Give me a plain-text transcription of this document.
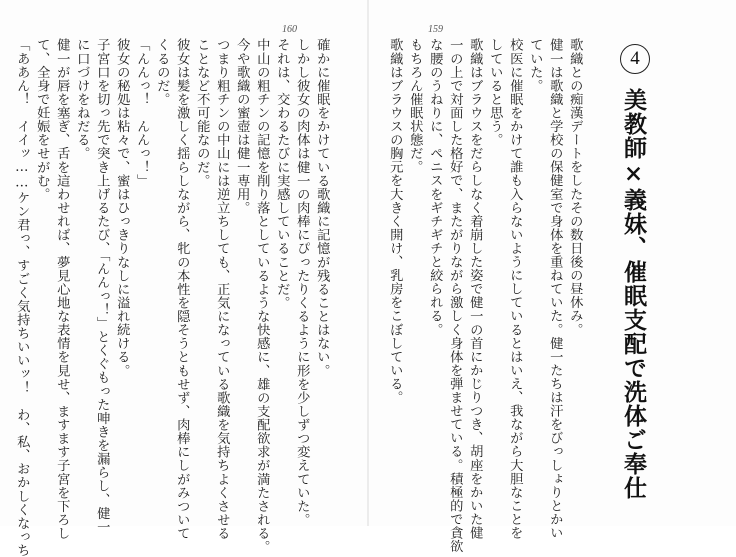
160
確かに催眠をかけている歌織に記憶が残ることはない。
しかし彼女の肉体は健一の肉棒にぴったりくるように形を少しずつ変えていた。
それは、交わるたびに実感していることだ。
中山の粗チンの記憶を削り落としているような快感に、雄の支配欲求が満たされる。
今や歌織の蜜壺は健一専用。
つまり粗チンの中山には逆立ちしても、正気になっている歌織を気持ちよくさせる
ことなど不可能なのだ。
彼女は髪を激しく揺らしながら、牝の本性を隠そうともせず、肉棒にしがみついて
くるのだ。
「んんっ！　んんっ！」
彼女の秘処は粘々で、蜜はひっきりなしに溢れ続ける。
子宮口を切っ先で突き上げるたび、「んんっ！」とくぐもった呻きを漏らし、健一
に口づけをねだる。
健一が唇を塞ぎ、舌を這わせれば、夢見心地な表情を見せ、ますます子宮を下ろし
て、全身で妊娠をせがむ。
「ああん！　イイッ……ケン君っ、すごく気持ちいいッ！　わ、私、おかしくなっち
159
4
美教師×義妹、催眠支配で洗体ご奉仕
歌織との痴漢デートをしたその数日後の昼休み。
健一は歌織と学校の保健室で身体を重ねていた。健一たちは汗をびっしょりとかい
ていた。
校医に催眠をかけて誰も入らないようにしているとはいえ、我ながら大胆なことを
していると思う。
歌織はブラウスをだらしなく着崩した姿で健一の首にかじりつき、胡座をかいた健
一の上で対面した格好で、またがりながら激しく身体を弾ませている。積極的で貪欲
な腰のうねりに、ペニスをギチギチと絞られる。
もちろん催眠状態だ。
歌織はブラウスの胸元を大きく開け、乳房をこぼしている。
